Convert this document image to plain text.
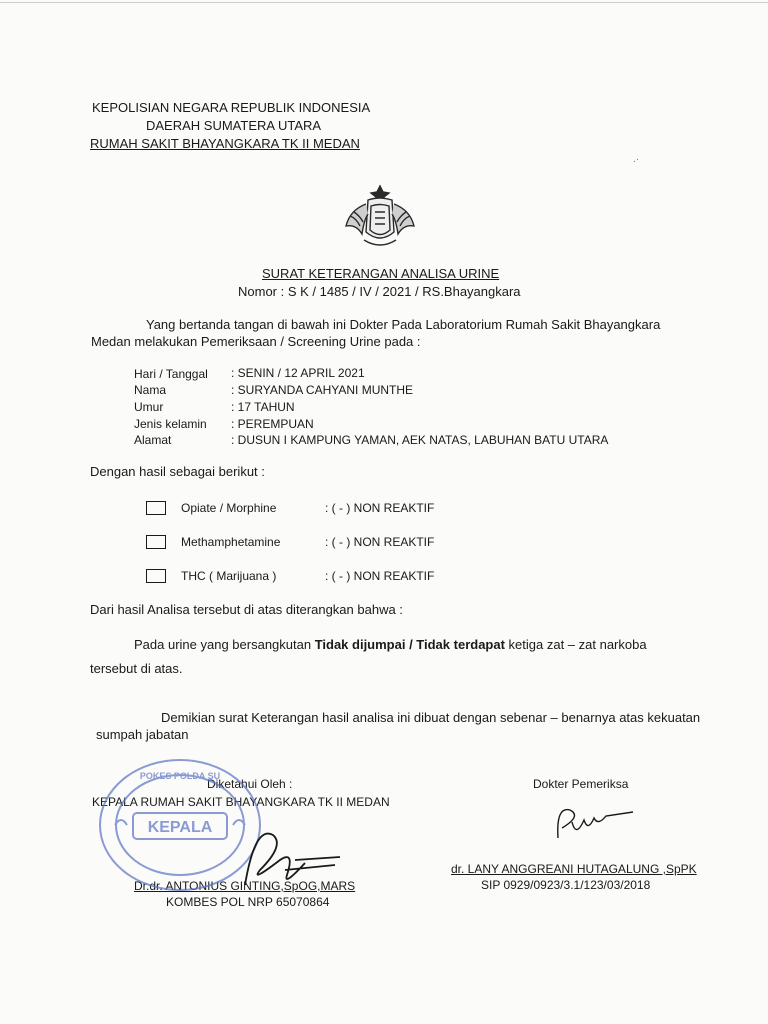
KEPOLISIAN NEGARA REPUBLIK INDONESIA
DAERAH SUMATERA UTARA
RUMAH SAKIT BHAYANGKARA TK II MEDAN
.·
SURAT KETERANGAN ANALISA URINE
Nomor : S K / 1485 / IV / 2021 / RS.Bhayangkara
Yang bertanda tangan di bawah ini Dokter Pada Laboratorium Rumah Sakit Bhayangkara
Medan melakukan Pemeriksaan / Screening Urine pada :
Hari / Tanggal : SENIN / 12 APRIL 2021
Nama	: SURYANDA CAHYANI MUNTHE
Umur	: 17 TAHUN
Jenis kelamin : PEREMPUAN
Alamat	: DUSUN I KAMPUNG YAMAN, AEK NATAS, LABUHAN BATU UTARA
Dengan hasil sebagai berikut :
Opiate / Morphine	: ( - ) NON REAKTIF
Methamphetamine	: ( - ) NON REAKTIF
THC ( Marijuana )	: ( - ) NON REAKTIF
Dari hasil Analisa tersebut di atas diterangkan bahwa :
Pada urine yang bersangkutan Tidak dijumpai / Tidak terdapat ketiga zat – zat narkoba
tersebut di atas.
Demikian surat Keterangan hasil analisa ini dibuat dengan sebenar – benarnya atas kekuatan
sumpah jabatan
Diketahui Oleh :
KEPALA RUMAH SAKIT BHAYANGKARA TK II MEDAN
Dr.dr. ANTONIUS GINTING,SpOG,MARS
KOMBES POL NRP 65070864
KEPALA
POKES POLDA SU
Dokter Pemeriksa
dr. LANY ANGGREANI HUTAGALUNG ,SpPK
SIP 0929/0923/3.1/123/03/2018
